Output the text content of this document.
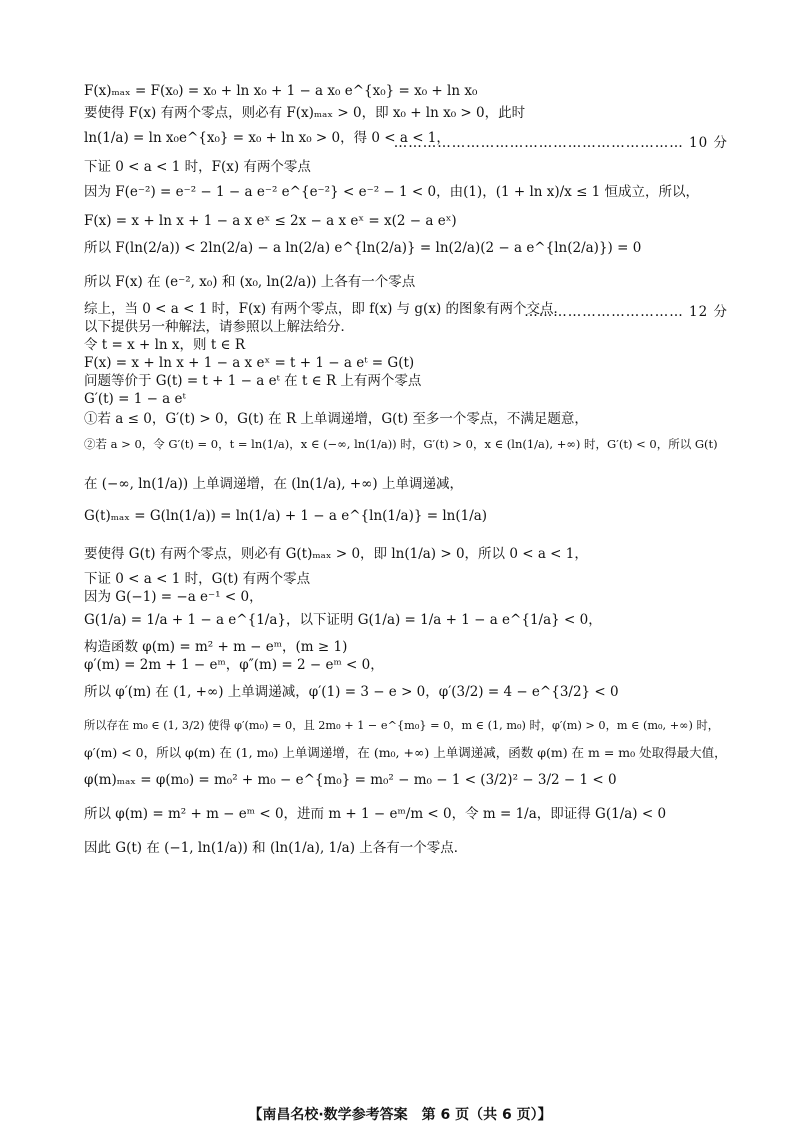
F(x)ₘₐₓ = F(x₀) = x₀ + ln x₀ + 1 − a x₀ e^{x₀} = x₀ + ln x₀
要使得 F(x) 有两个零点，则必有 F(x)ₘₐₓ > 0，即 x₀ + ln x₀ > 0，此时
ln(1/a) = ln x₀e^{x₀} = x₀ + ln x₀ > 0，得 0 < a < 1，
…………………………………………………… 10 分
下证 0 < a < 1 时，F(x) 有两个零点
因为 F(e⁻²) = e⁻² − 1 − a e⁻² e^{e⁻²} < e⁻² − 1 < 0，由(1)，(1 + ln x)/x ≤ 1 恒成立，所以，
F(x) = x + ln x + 1 − a x eˣ ≤ 2x − a x eˣ = x(2 − a eˣ)
所以 F(ln(2/a)) < 2ln(2/a) − a ln(2/a) e^{ln(2/a)} = ln(2/a)(2 − a e^{ln(2/a)}) = 0
所以 F(x) 在 (e⁻², x₀) 和 (x₀, ln(2/a)) 上各有一个零点
综上，当 0 < a < 1 时，F(x) 有两个零点，即 f(x) 与 g(x) 的图象有两个交点．
…………………………… 12 分
以下提供另一种解法，请参照以上解法给分．
令 t = x + ln x，则 t ∈ R
F(x) = x + ln x + 1 − a x eˣ = t + 1 − a eᵗ = G(t)
问题等价于 G(t) = t + 1 − a eᵗ 在 t ∈ R 上有两个零点
G′(t) = 1 − a eᵗ
①若 a ≤ 0，G′(t) > 0，G(t) 在 R 上单调递增，G(t) 至多一个零点，不满足题意，
②若 a > 0，令 G′(t) = 0，t = ln(1/a)，x ∈ (−∞, ln(1/a)) 时，G′(t) > 0，x ∈ (ln(1/a), +∞) 时，G′(t) < 0，所以 G(t)
在 (−∞, ln(1/a)) 上单调递增，在 (ln(1/a), +∞) 上单调递减，
G(t)ₘₐₓ = G(ln(1/a)) = ln(1/a) + 1 − a e^{ln(1/a)} = ln(1/a)
要使得 G(t) 有两个零点，则必有 G(t)ₘₐₓ > 0，即 ln(1/a) > 0，所以 0 < a < 1，
下证 0 < a < 1 时，G(t) 有两个零点
因为 G(−1) = −a e⁻¹ < 0，
G(1/a) = 1/a + 1 − a e^{1/a}，以下证明 G(1/a) = 1/a + 1 − a e^{1/a} < 0，
构造函数 φ(m) = m² + m − eᵐ，(m ≥ 1)
φ′(m) = 2m + 1 − eᵐ，φ″(m) = 2 − eᵐ < 0，
所以 φ′(m) 在 (1, +∞) 上单调递减，φ′(1) = 3 − e > 0，φ′(3/2) = 4 − e^{3/2} < 0
所以存在 m₀ ∈ (1, 3/2) 使得 φ′(m₀) = 0，且 2m₀ + 1 − e^{m₀} = 0，m ∈ (1, m₀) 时，φ′(m) > 0，m ∈ (m₀, +∞) 时，
φ′(m) < 0，所以 φ(m) 在 (1, m₀) 上单调递增，在 (m₀, +∞) 上单调递减，函数 φ(m) 在 m = m₀ 处取得最大值，
φ(m)ₘₐₓ = φ(m₀) = m₀² + m₀ − e^{m₀} = m₀² − m₀ − 1 < (3/2)² − 3/2 − 1 < 0
所以 φ(m) = m² + m − eᵐ < 0，进而 m + 1 − eᵐ/m < 0，令 m = 1/a，即证得 G(1/a) < 0
因此 G(t) 在 (−1, ln(1/a)) 和 (ln(1/a), 1/a) 上各有一个零点．
【南昌名校·数学参考答案　第 6 页（共 6 页）】
